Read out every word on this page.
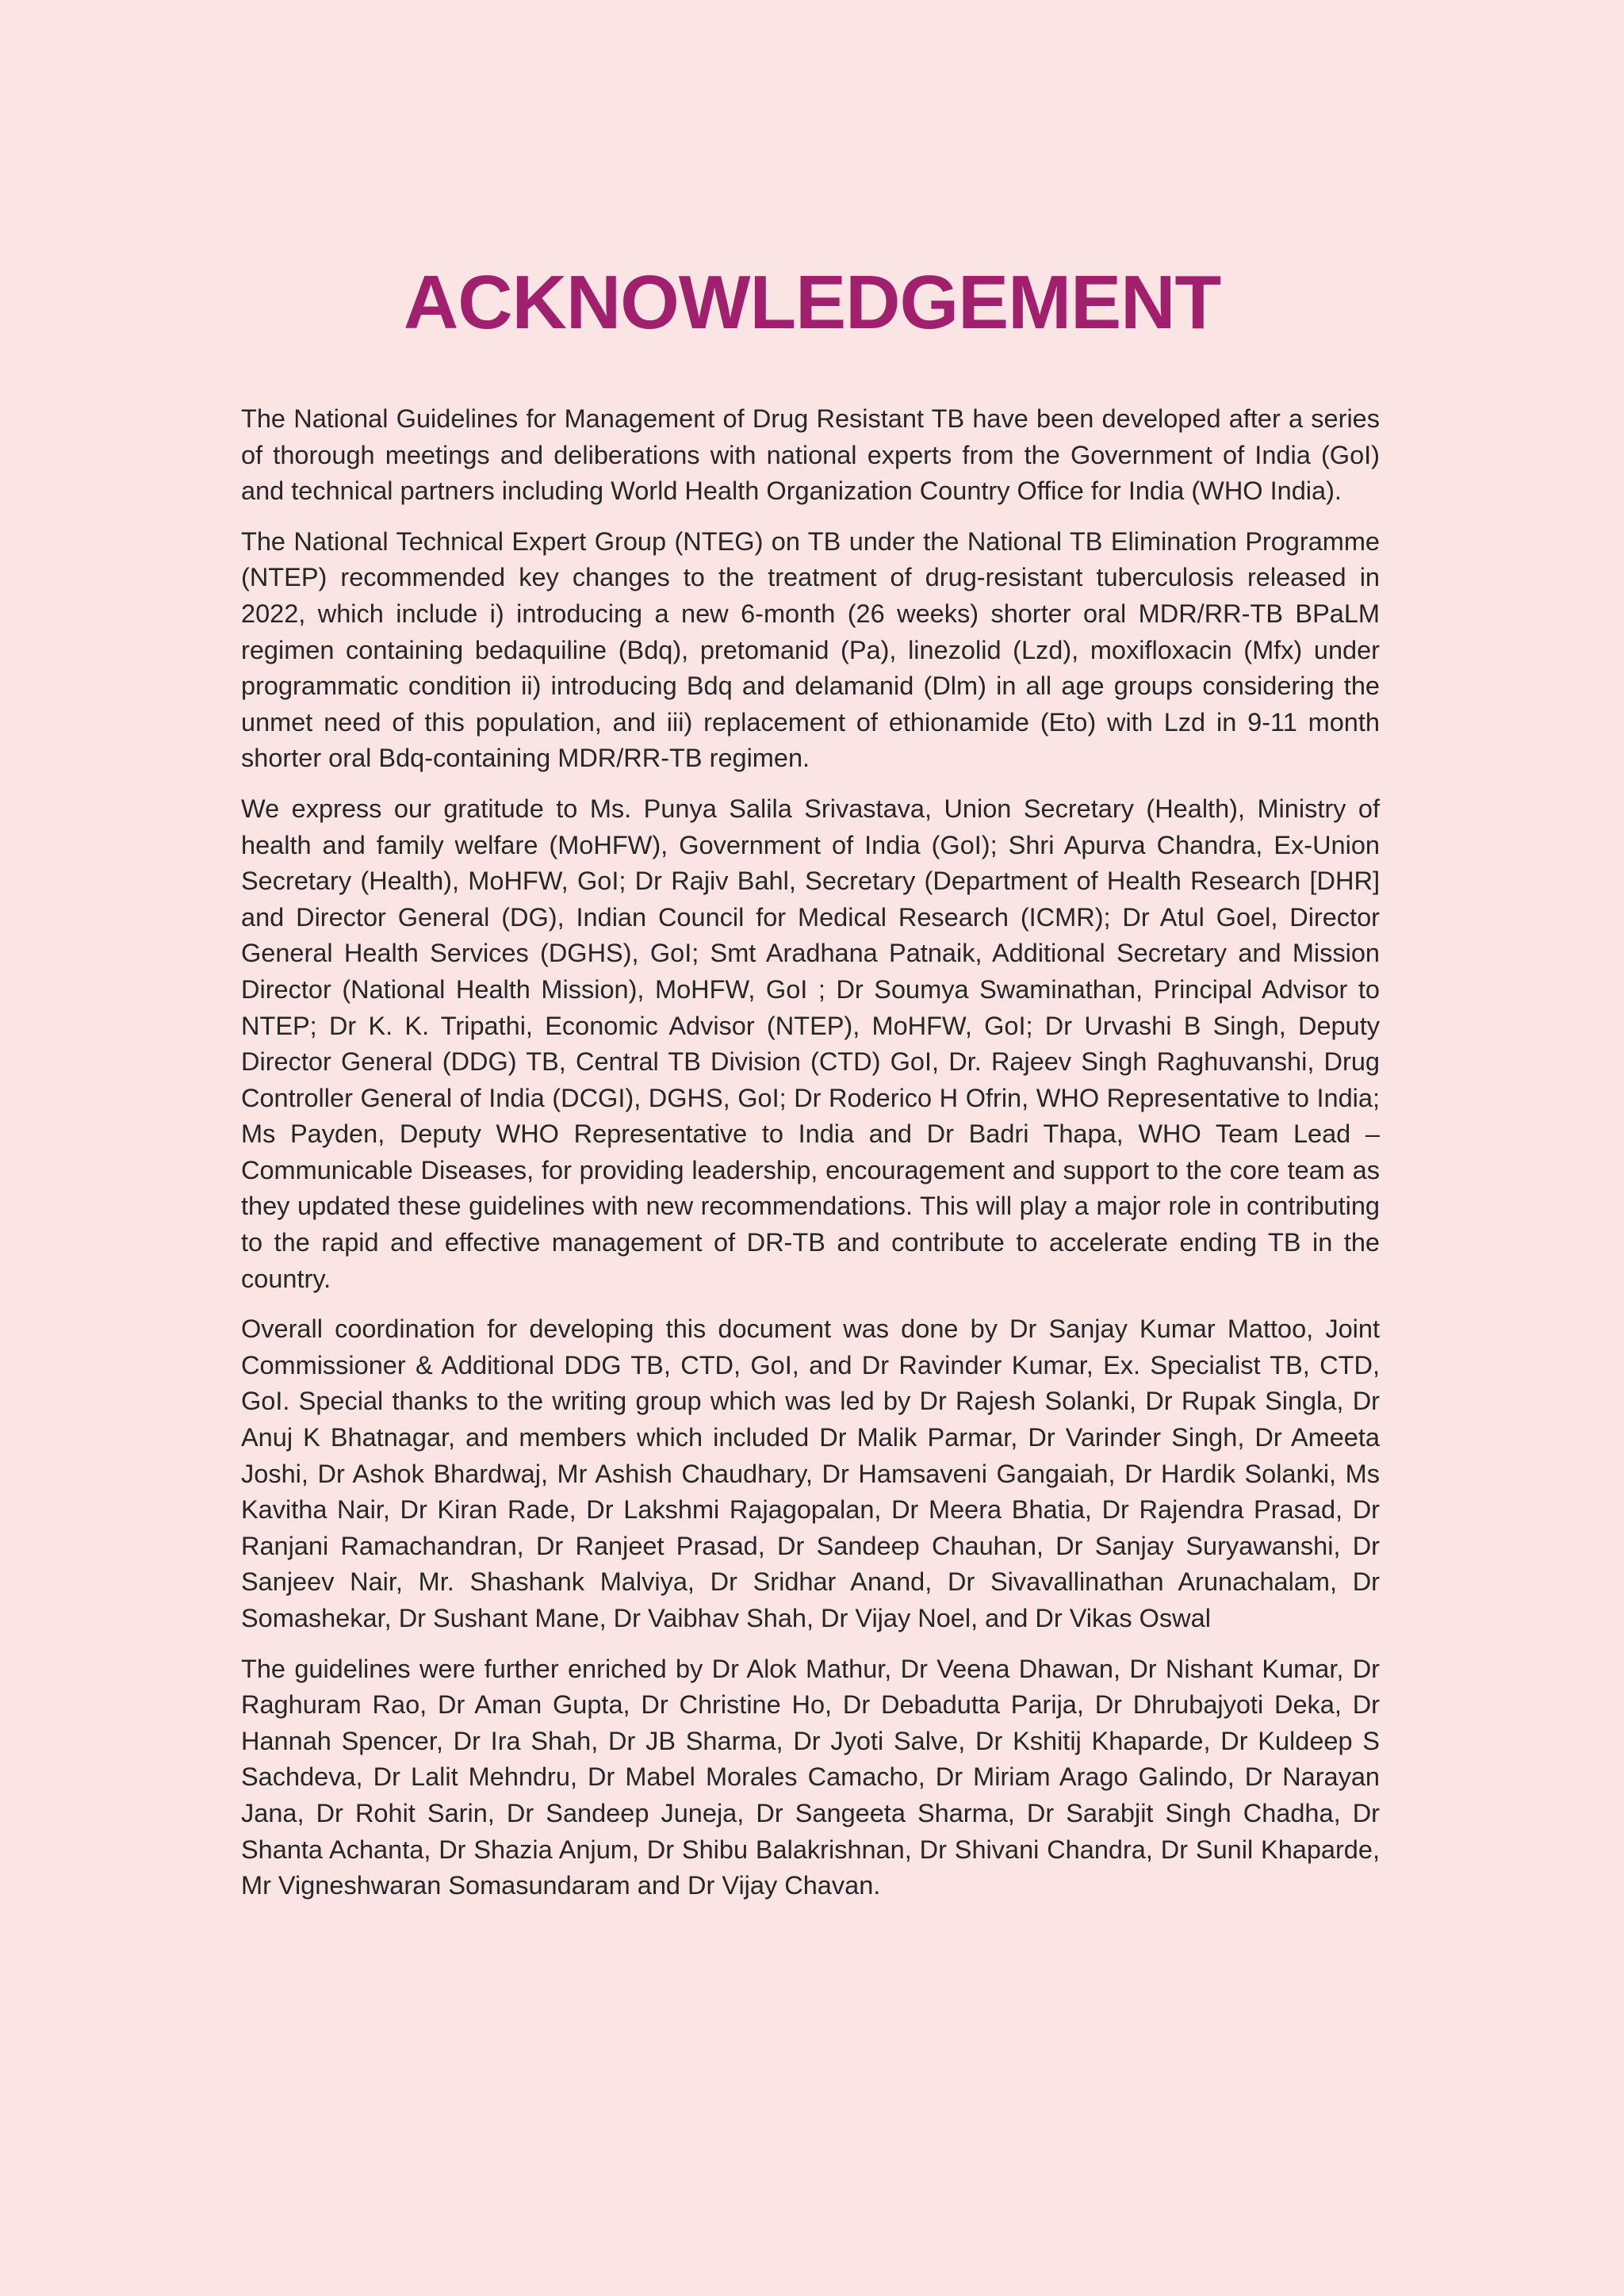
ACKNOWLEDGEMENT

The National Guidelines for Management of Drug Resistant TB have been developed after a series of thorough meetings and deliberations with national experts from the Government of India (GoI) and technical partners including World Health Organization Country Office for India (WHO India).

The National Technical Expert Group (NTEG) on TB under the National TB Elimination Programme (NTEP) recommended key changes to the treatment of drug-resistant tuberculosis released in 2022, which include i) introducing a new 6-month (26 weeks) shorter oral MDR/RR-TB BPaLM regimen containing bedaquiline (Bdq), pretomanid (Pa), linezolid (Lzd), moxifloxacin (Mfx) under programmatic condition ii) introducing Bdq and delamanid (Dlm) in all age groups considering the unmet need of this population, and iii) replacement of ethionamide (Eto) with Lzd in 9-11 month shorter oral Bdq-containing MDR/RR-TB regimen.

We express our gratitude to Ms. Punya Salila Srivastava, Union Secretary (Health), Ministry of health and family welfare (MoHFW), Government of India (GoI); Shri Apurva Chandra, Ex-Union Secretary (Health), MoHFW, GoI; Dr Rajiv Bahl, Secretary (Department of Health Research [DHR] and Director General (DG), Indian Council for Medical Research (ICMR); Dr Atul Goel, Director General Health Services (DGHS), GoI; Smt Aradhana Patnaik, Additional Secretary and Mission Director (National Health Mission), MoHFW, GoI ; Dr Soumya Swaminathan, Principal Advisor to NTEP; Dr K. K. Tripathi, Economic Advisor (NTEP), MoHFW, GoI; Dr Urvashi B Singh, Deputy Director General (DDG) TB, Central TB Division (CTD) GoI, Dr. Rajeev Singh Raghuvanshi, Drug Controller General of India (DCGI), DGHS, GoI; Dr Roderico H Ofrin, WHO Representative to India; Ms Payden, Deputy WHO Representative to India and Dr Badri Thapa, WHO Team Lead – Communicable Diseases, for providing leadership, encouragement and support to the core team as they updated these guidelines with new recommendations. This will play a major role in contributing to the rapid and effective management of DR-TB and contribute to accelerate ending TB in the country.

Overall coordination for developing this document was done by Dr Sanjay Kumar Mattoo, Joint Commissioner & Additional DDG TB, CTD, GoI, and Dr Ravinder Kumar, Ex. Specialist TB, CTD, GoI. Special thanks to the writing group which was led by Dr Rajesh Solanki, Dr Rupak Singla, Dr Anuj K Bhatnagar, and members which included Dr Malik Parmar, Dr Varinder Singh, Dr Ameeta Joshi, Dr Ashok Bhardwaj, Mr Ashish Chaudhary, Dr Hamsaveni Gangaiah, Dr Hardik Solanki, Ms Kavitha Nair, Dr Kiran Rade, Dr Lakshmi Rajagopalan, Dr Meera Bhatia, Dr Rajendra Prasad, Dr Ranjani Ramachandran, Dr Ranjeet Prasad, Dr Sandeep Chauhan, Dr Sanjay Suryawanshi, Dr Sanjeev Nair, Mr. Shashank Malviya, Dr Sridhar Anand, Dr Sivavallinathan Arunachalam, Dr Somashekar, Dr Sushant Mane, Dr Vaibhav Shah, Dr Vijay Noel, and Dr Vikas Oswal

The guidelines were further enriched by Dr Alok Mathur, Dr Veena Dhawan, Dr Nishant Kumar, Dr Raghuram Rao, Dr Aman Gupta, Dr Christine Ho, Dr Debadutta Parija, Dr Dhrubajyoti Deka, Dr Hannah Spencer, Dr Ira Shah, Dr JB Sharma, Dr Jyoti Salve, Dr Kshitij Khaparde, Dr Kuldeep S Sachdeva, Dr Lalit Mehndru, Dr Mabel Morales Camacho, Dr Miriam Arago Galindo, Dr Narayan Jana, Dr Rohit Sarin, Dr Sandeep Juneja, Dr Sangeeta Sharma, Dr Sarabjit Singh Chadha, Dr Shanta Achanta, Dr Shazia Anjum, Dr Shibu Balakrishnan, Dr Shivani Chandra, Dr Sunil Khaparde, Mr Vigneshwaran Somasundaram and Dr Vijay Chavan.
